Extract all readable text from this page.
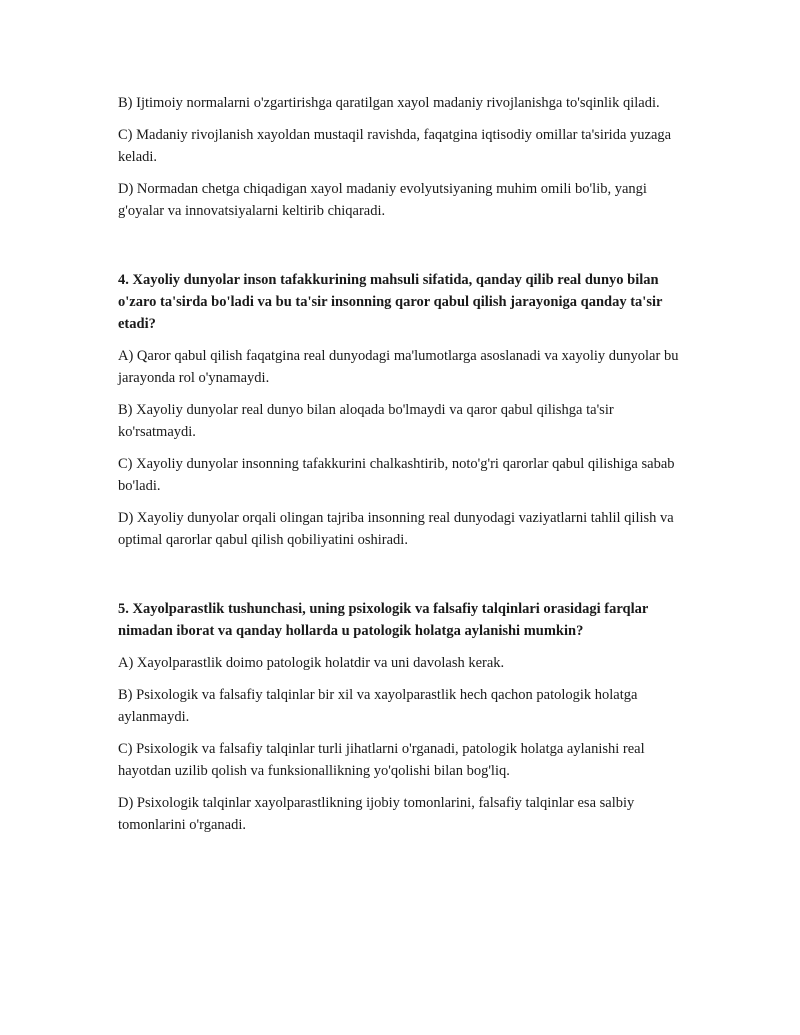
B) Ijtimoiy normalarni o'zgartirishga qaratilgan xayol madaniy rivojlanishga to'sqinlik qiladi.

C) Madaniy rivojlanish xayoldan mustaqil ravishda, faqatgina iqtisodiy omillar ta'sirida yuzaga keladi.

D) Normadan chetga chiqadigan xayol madaniy evolyutsiyaning muhim omili bo'lib, yangi g'oyalar va innovatsiyalarni keltirib chiqaradi.

4. Xayoliy dunyolar inson tafakkurining mahsuli sifatida, qanday qilib real dunyo bilan o'zaro ta'sirda bo'ladi va bu ta'sir insonning qaror qabul qilish jarayoniga qanday ta'sir etadi?

A) Qaror qabul qilish faqatgina real dunyodagi ma'lumotlarga asoslanadi va xayoliy dunyolar bu jarayonda rol o'ynamaydi.

B) Xayoliy dunyolar real dunyo bilan aloqada bo'lmaydi va qaror qabul qilishga ta'sir ko'rsatmaydi.

C) Xayoliy dunyolar insonning tafakkurini chalkashtirib, noto'g'ri qarorlar qabul qilishiga sabab bo'ladi.

D) Xayoliy dunyolar orqali olingan tajriba insonning real dunyodagi vaziyatlarni tahlil qilish va optimal qarorlar qabul qilish qobiliyatini oshiradi.

5. Xayolparastlik tushunchasi, uning psixologik va falsafiy talqinlari orasidagi farqlar nimadan iborat va qanday hollarda u patologik holatga aylanishi mumkin?

A) Xayolparastlik doimo patologik holatdir va uni davolash kerak.

B) Psixologik va falsafiy talqinlar bir xil va xayolparastlik hech qachon patologik holatga aylanmaydi.

C) Psixologik va falsafiy talqinlar turli jihatlarni o'rganadi, patologik holatga aylanishi real hayotdan uzilib qolish va funksionallikning yo'qolishi bilan bog'liq.

D) Psixologik talqinlar xayolparastlikning ijobiy tomonlarini, falsafiy talqinlar esa salbiy tomonlarini o'rganadi.
